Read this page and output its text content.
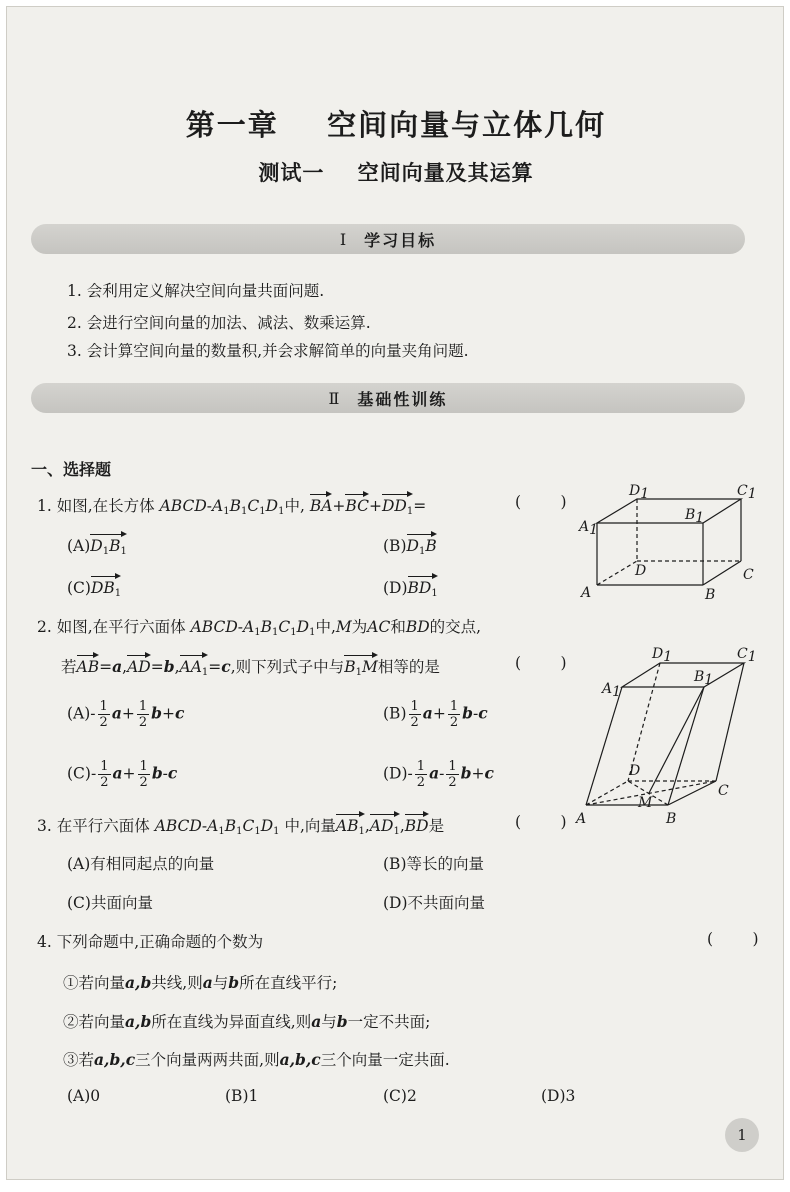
第一章    空间向量与立体几何
测试一    空间向量及其运算
Ⅰ 学习目标
1. 会利用定义解决空间向量共面问题.
2. 会进行空间向量的加法、减法、数乘运算.
3. 会计算空间向量的数量积,并会求解简单的向量夹角问题.
Ⅱ 基础性训练
一、选择题
1. 如图,在长方体 ABCD-$A_1B_1C_1D_1$中, $BA+BC+DD_1=$	(        )
$(A)D_1B_1$	$(B)D_1B$
$(C)DB_1$	$(D)BD_1$
D1	C1
A1
B1
D	C
A	B
2. 如图,在平行六面体 ABCD-$A_1B_1C_1D_1$中,M为AC和BD的交点,
若$AB=a,AD=b,AA_1=c$,则下列式子中与$B_1M$相等的是	(        )
$(A)- \frac{1}{2} a+ \frac{1}{2} b+c$	$(B) \frac{1}{2} a+ \frac{1}{2} b-c$
$(C)- \frac{1}{2} a+ \frac{1}{2} b-c$	$(D)- \frac{1}{2} a- \frac{1}{2} b+c$
D1	C1
A1
B1
D
C
M
A	B
3. 在平行六面体 ABCD-$A_1B_1C_1D_1$ 中,向量$AB_1,AD_1,BD$是	(        )
(A)有相同起点的向量	(B)等长的向量
(C)共面向量	(D)不共面向量
4. 下列命题中,正确命题的个数为	(        )
①若向量a,b共线,则a与b所在直线平行;
②若向量a,b所在直线为异面直线,则a与b一定不共面;
③若a,b,c三个向量两两共面,则a,b,c三个向量一定共面.
(A)0	(B)1	(C)2	(D)3
1
